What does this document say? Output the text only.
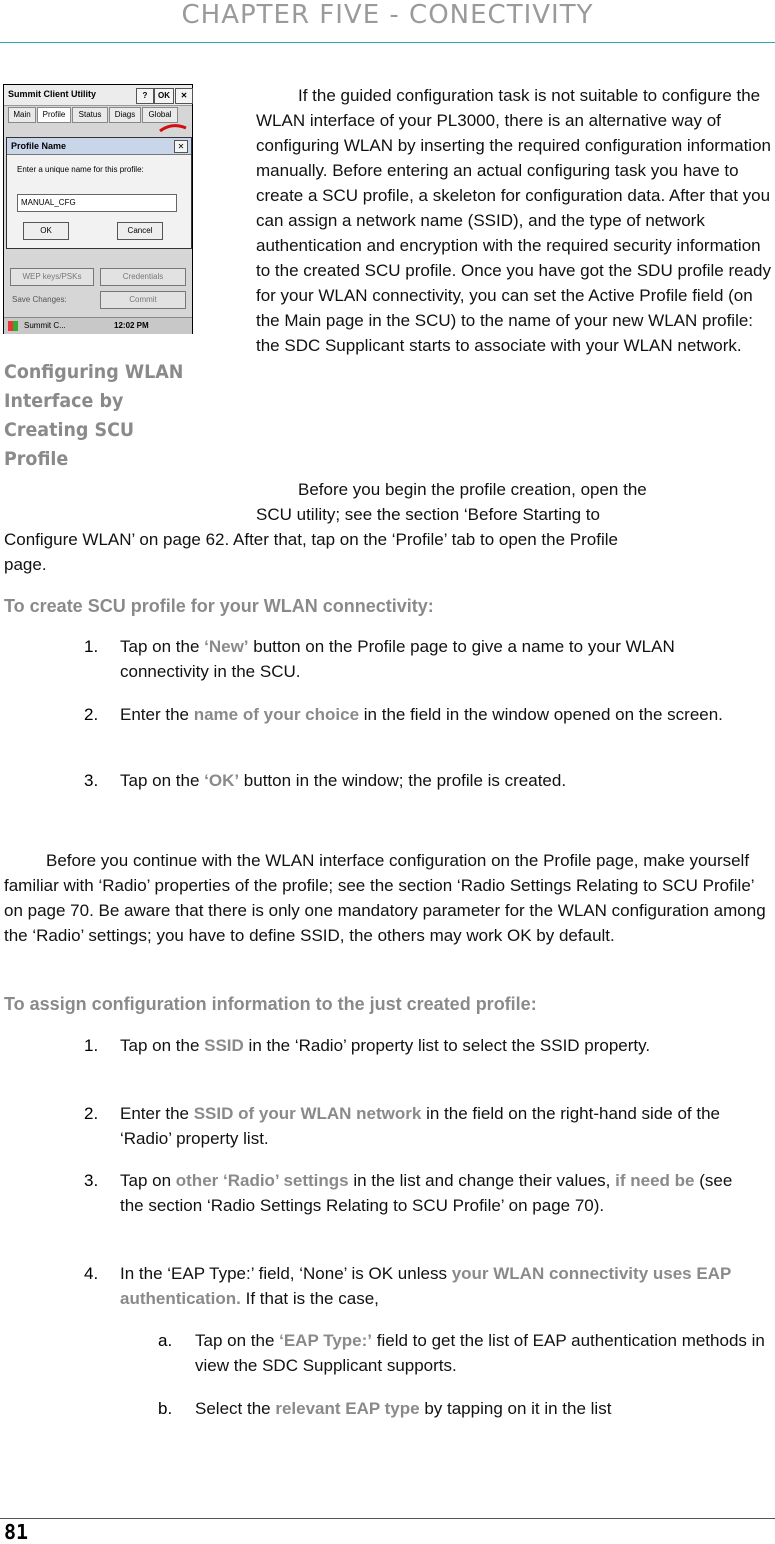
CHAPTER FIVE - CONECTIVITY
Summit Client Utility	?	OK	✕
Main	Profile	Status	Diags	Global
Profile Name	✕
Enter a unique name for this profile:
MANUAL_CFG
OK	Cancel
WEP keys/PSKs	Credentials
Save Changes:	Commit
Summit C...	12:02 PM
Configuring WLAN Interface by Creating SCU Profile
If the guided configuration task is not suitable to configure the WLAN interface of your PL3000, there is an alternative way of configuring WLAN by inserting the required configuration information manually. Before entering an actual configuring task you have to create a SCU profile, a skeleton for configuration data. After that you can assign a network name (SSID), and the type of network authentication and encryption with the required security information to the created SCU profile. Once you have got the SDU profile ready for your WLAN connectivity, you can set the Active Profile field (on the Main page in the SCU) to the name of your new WLAN profile: the SDC Supplicant starts to associate with your WLAN network.
Before you begin the profile creation, open the
SCU utility; see the section ‘Before Starting to
Configure WLAN’ on page 62. After that, tap on the ‘Profile’ tab to open the Profile
page.
To create SCU profile for your WLAN connectivity:
1. Tap on the ‘New’ button on the Profile page to give a name to your WLAN connectivity in the SCU.
2. Enter the name of your choice in the field in the window opened on the screen.
3. Tap on the ‘OK’ button in the window; the profile is created.
Before you continue with the WLAN interface configuration on the Profile page, make yourself familiar with ‘Radio’ properties of the profile; see the section ‘Radio Settings Relating to SCU Profile’ on page 70. Be aware that there is only one mandatory parameter for the WLAN configuration among the ‘Radio’ settings; you have to define SSID, the others may work OK by default.
To assign configuration information to the just created profile:
1. Tap on the SSID in the ‘Radio’ property list to select the SSID property.
2. Enter the SSID of your WLAN network in the field on the right-hand side of the ‘Radio’ property list.
3. Tap on other ‘Radio’ settings in the list and change their values, if need be (see the section ‘Radio Settings Relating to SCU Profile’ on page 70).
4. In the ‘EAP Type:’ field, ‘None’ is OK unless your WLAN connectivity uses EAP authentication. If that is the case,
a. Tap on the ‘EAP Type:’ field to get the list of EAP authentication methods in view the SDC Supplicant supports.
b. Select the relevant EAP type by tapping on it in the list
81
